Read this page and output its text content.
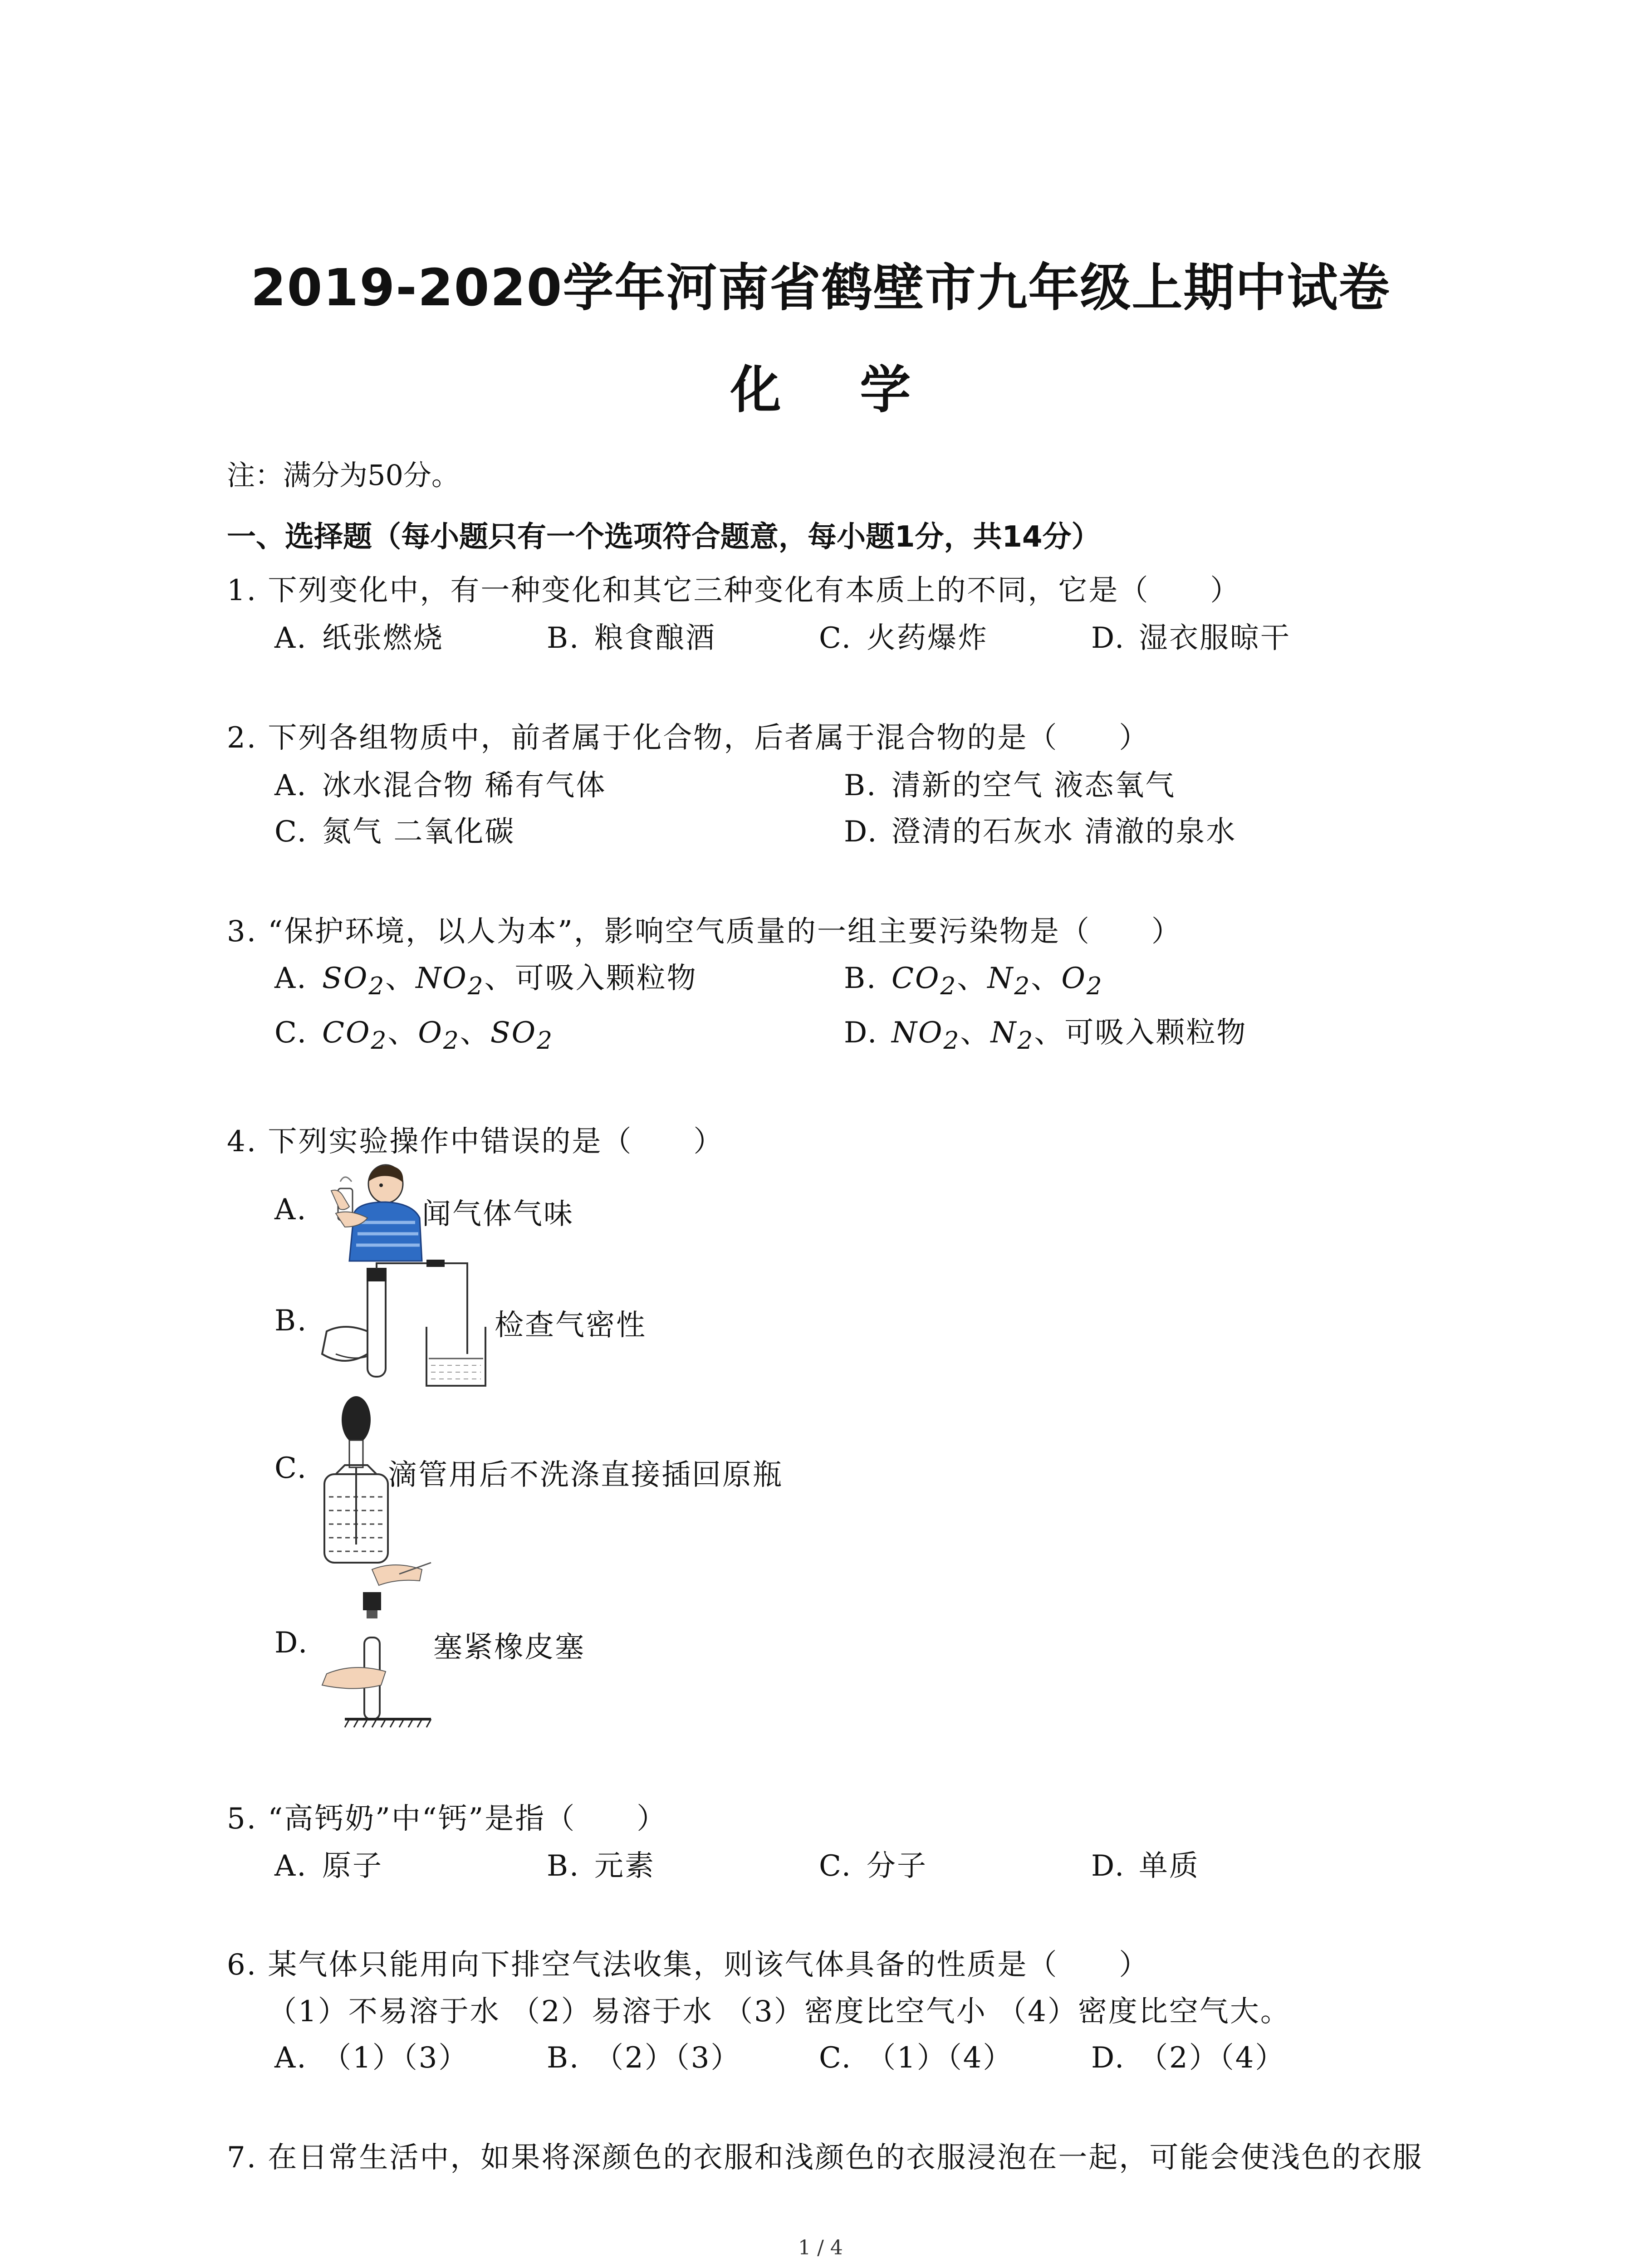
2019-2020学年河南省鹤壁市九年级上期中试卷
化 学
注：满分为50分。
一、选择题（每小题只有一个选项符合题意，每小题1分，共14分）
1. 下列变化中，有一种变化和其它三种变化有本质上的不同，它是（　　）
A. 纸张燃烧	B. 粮食酿酒	C. 火药爆炸	D. 湿衣服晾干
2. 下列各组物质中，前者属于化合物，后者属于混合物的是（　　）
A. 冰水混合物 稀有气体	B. 清新的空气 液态氧气
C. 氮气 二氧化碳	D. 澄清的石灰水 清澈的泉水
3. “保护环境，以人为本”，影响空气质量的一组主要污染物是（　　）
A. $SO_2$、$NO_2$、可吸入颗粒物	B. $CO_2$、$N_2$、$O_2$
C. $CO_2$、$O_2$、$SO_2$	D. $NO_2$、$N_2$、可吸入颗粒物
4. 下列实验操作中错误的是（　　）
A.	闻气体气味
B.	检查气密性
C.	滴管用后不洗涤直接插回原瓶
D.	塞紧橡皮塞
5. “高钙奶”中“钙”是指（　　）
A. 原子	B. 元素	C. 分子	D. 单质
6. 某气体只能用向下排空气法收集，则该气体具备的性质是（　　）
（1）不易溶于水 （2）易溶于水 （3）密度比空气小 （4）密度比空气大。
A. （1）（3）	B. （2）（3）	C. （1）（4）	D. （2）（4）
7. 在日常生活中，如果将深颜色的衣服和浅颜色的衣服浸泡在一起，可能会使浅色的衣服
1 / 4
